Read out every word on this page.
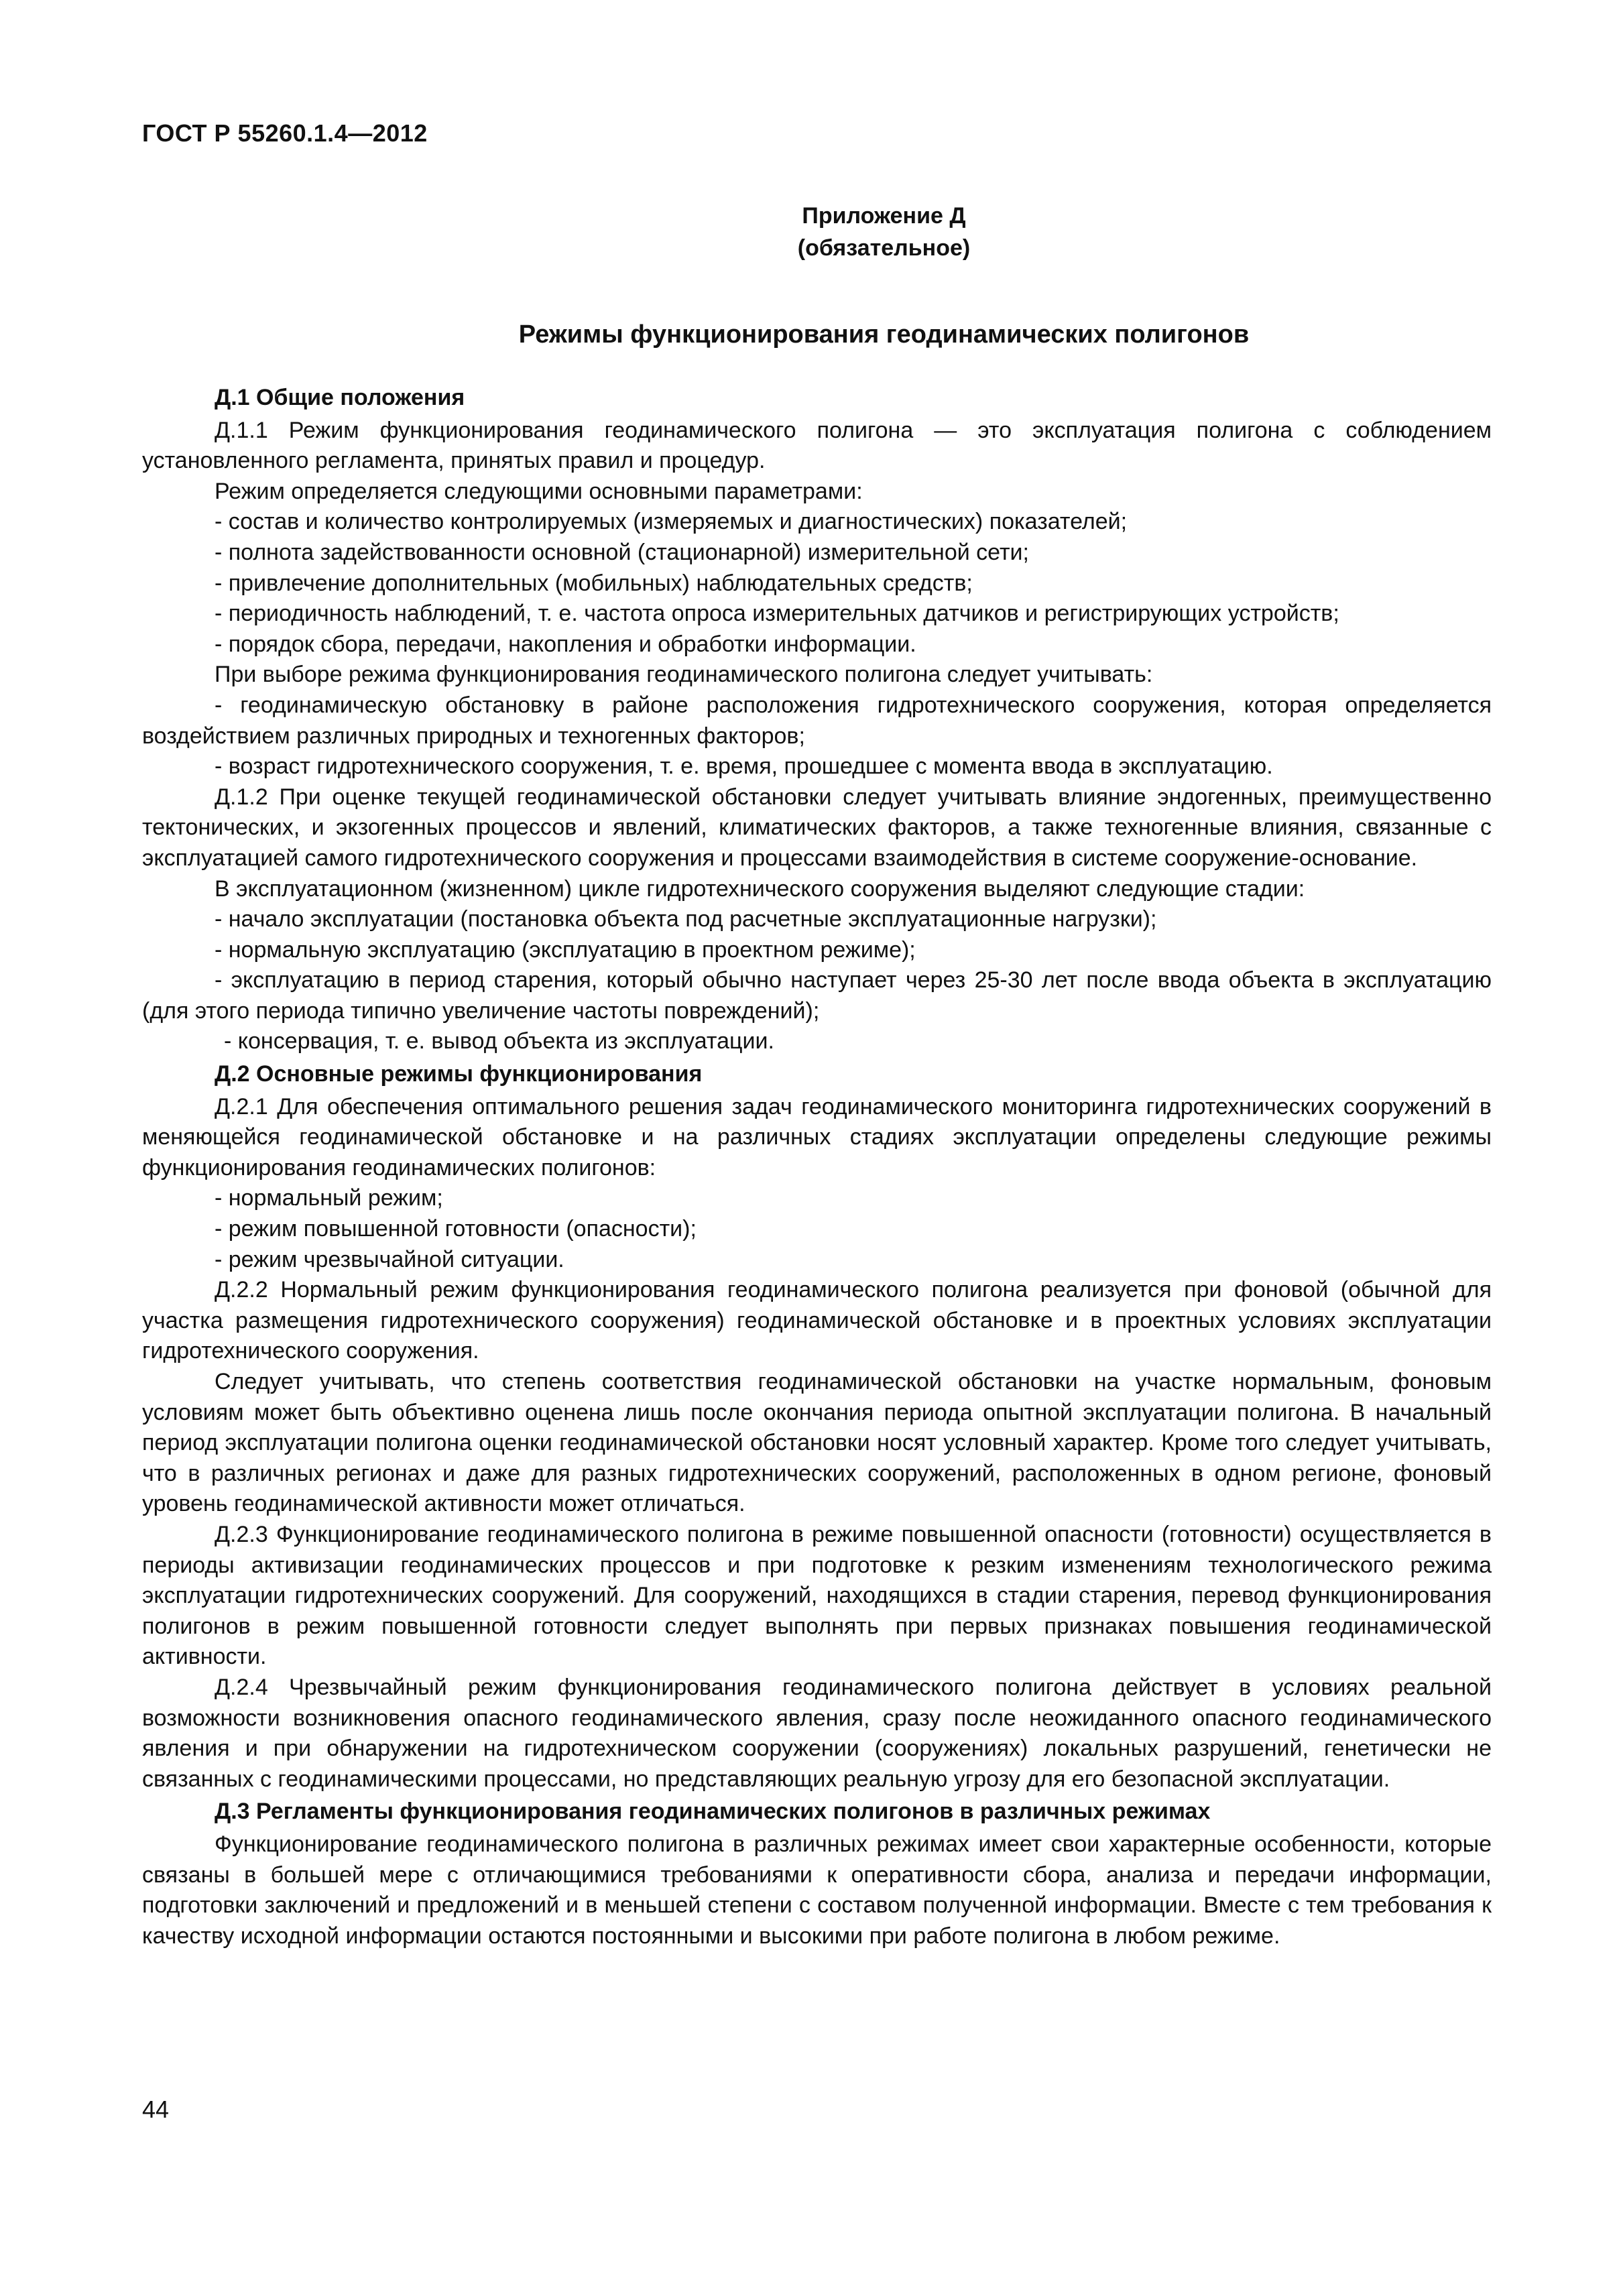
ГОСТ Р 55260.1.4—2012
Приложение Д
(обязательное)
Режимы функционирования геодинамических полигонов

Д.1 Общие положения

Д.1.1 Режим функционирования геодинамического полигона — это эксплуатация полигона с соблюдением установленного регламента, принятых правил и процедур.

Режим определяется следующими основными параметрами:

- состав и количество контролируемых (измеряемых и диагностических) показателей;

- полнота задействованности основной (стационарной) измерительной сети;

- привлечение дополнительных (мобильных) наблюдательных средств;

- периодичность наблюдений, т. е. частота опроса измерительных датчиков и регистрирующих устройств;

- порядок сбора, передачи, накопления и обработки информации.

При выборе режима функционирования геодинамического полигона следует учитывать:

- геодинамическую обстановку в районе расположения гидротехнического сооружения, которая определяется воздействием различных природных и техногенных факторов;

- возраст гидротехнического сооружения, т. е. время, прошедшее с момента ввода в эксплуатацию.

Д.1.2 При оценке текущей геодинамической обстановки следует учитывать влияние эндогенных, преимущественно тектонических, и экзогенных процессов и явлений, климатических факторов, а также техногенные влияния, связанные с эксплуатацией самого гидротехнического сооружения и процессами взаимодействия в системе сооружение-основание.

В эксплуатационном (жизненном) цикле гидротехнического сооружения выделяют следующие стадии:

- начало эксплуатации (постановка объекта под расчетные эксплуатационные нагрузки);

- нормальную эксплуатацию (эксплуатацию в проектном режиме);

- эксплуатацию в период старения, который обычно наступает через 25-30 лет после ввода объекта в эксплуатацию (для этого периода типично увеличение частоты повреждений);

- консервация, т. е. вывод объекта из эксплуатации.

Д.2 Основные режимы функционирования

Д.2.1 Для обеспечения оптимального решения задач геодинамического мониторинга гидротехнических сооружений в меняющейся геодинамической обстановке и на различных стадиях эксплуатации определены следующие режимы функционирования геодинамических полигонов:

- нормальный режим;

- режим повышенной готовности (опасности);

- режим чрезвычайной ситуации.

Д.2.2 Нормальный режим функционирования геодинамического полигона реализуется при фоновой (обычной для участка размещения гидротехнического сооружения) геодинамической обстановке и в проектных условиях эксплуатации гидротехнического сооружения.

Следует учитывать, что степень соответствия геодинамической обстановки на участке нормальным, фоновым условиям может быть объективно оценена лишь после окончания периода опытной эксплуатации полигона. В начальный период эксплуатации полигона оценки геодинамической обстановки носят условный характер. Кроме того следует учитывать, что в различных регионах и даже для разных гидротехнических сооружений, расположенных в одном регионе, фоновый уровень геодинамической активности может отличаться.

Д.2.3 Функционирование геодинамического полигона в режиме повышенной опасности (готовности) осуществляется в периоды активизации геодинамических процессов и при подготовке к резким изменениям технологического режима эксплуатации гидротехнических сооружений. Для сооружений, находящихся в стадии старения, перевод функционирования полигонов в режим повышенной готовности следует выполнять при первых признаках повышения геодинамической активности.

Д.2.4 Чрезвычайный режим функционирования геодинамического полигона действует в условиях реальной возможности возникновения опасного геодинамического явления, сразу после неожиданного опасного геодинамического явления и при обнаружении на гидротехническом сооружении (сооружениях) локальных разрушений, генетически не связанных с геодинамическими процессами, но представляющих реальную угрозу для его безопасной эксплуатации.

Д.3 Регламенты функционирования геодинамических полигонов в различных режимах

Функционирование геодинамического полигона в различных режимах имеет свои характерные особенности, которые связаны в большей мере с отличающимися требованиями к оперативности сбора, анализа и передачи информации, подготовки заключений и предложений и в меньшей степени с составом полученной информации. Вместе с тем требования к качеству исходной информации остаются постоянными и высокими при работе полигона в любом режиме.

44
